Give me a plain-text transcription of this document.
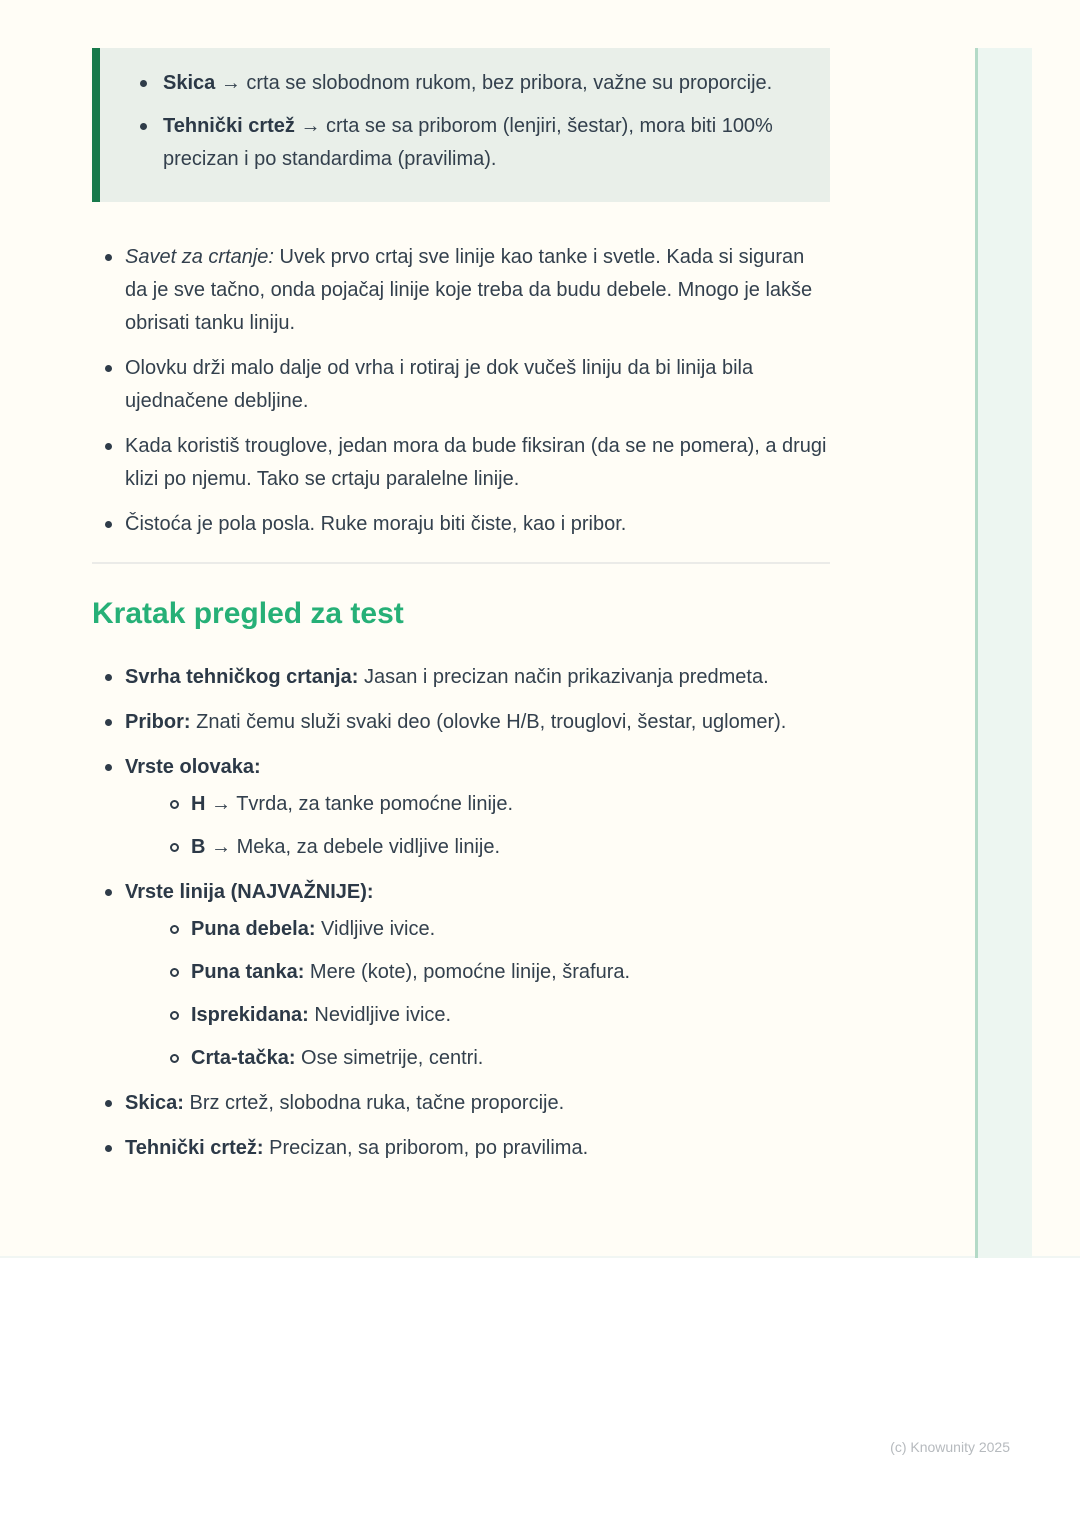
Skica → crta se slobodnom rukom, bez pribora, važne su proporcije.
Tehnički crtež → crta se sa priborom (lenjiri, šestar), mora biti 100% precizan i po standardima (pravilima).
Savet za crtanje: Uvek prvo crtaj sve linije kao tanke i svetle. Kada si siguran da je sve tačno, onda pojačaj linije koje treba da budu debele. Mnogo je lakše obrisati tanku liniju.
Olovku drži malo dalje od vrha i rotiraj je dok vučeš liniju da bi linija bila ujednačene debljine.
Kada koristiš trouglove, jedan mora da bude fiksiran (da se ne pomera), a drugi klizi po njemu. Tako se crtaju paralelne linije.
Čistoća je pola posla. Ruke moraju biti čiste, kao i pribor.
Kratak pregled za test
Svrha tehničkog crtanja: Jasan i precizan način prikazivanja predmeta.
Pribor: Znati čemu služi svaki deo (olovke H/B, trouglovi, šestar, uglomer).
Vrste olovaka:
H → Tvrda, za tanke pomoćne linije.
B → Meka, za debele vidljive linije.
Vrste linija (NAJVAŽNIJE):
Puna debela: Vidljive ivice.
Puna tanka: Mere (kote), pomoćne linije, šrafura.
Isprekidana: Nevidljive ivice.
Crta-tačka: Ose simetrije, centri.
Skica: Brz crtež, slobodna ruka, tačne proporcije.
Tehnički crtež: Precizan, sa priborom, po pravilima.
(c) Knowunity 2025
